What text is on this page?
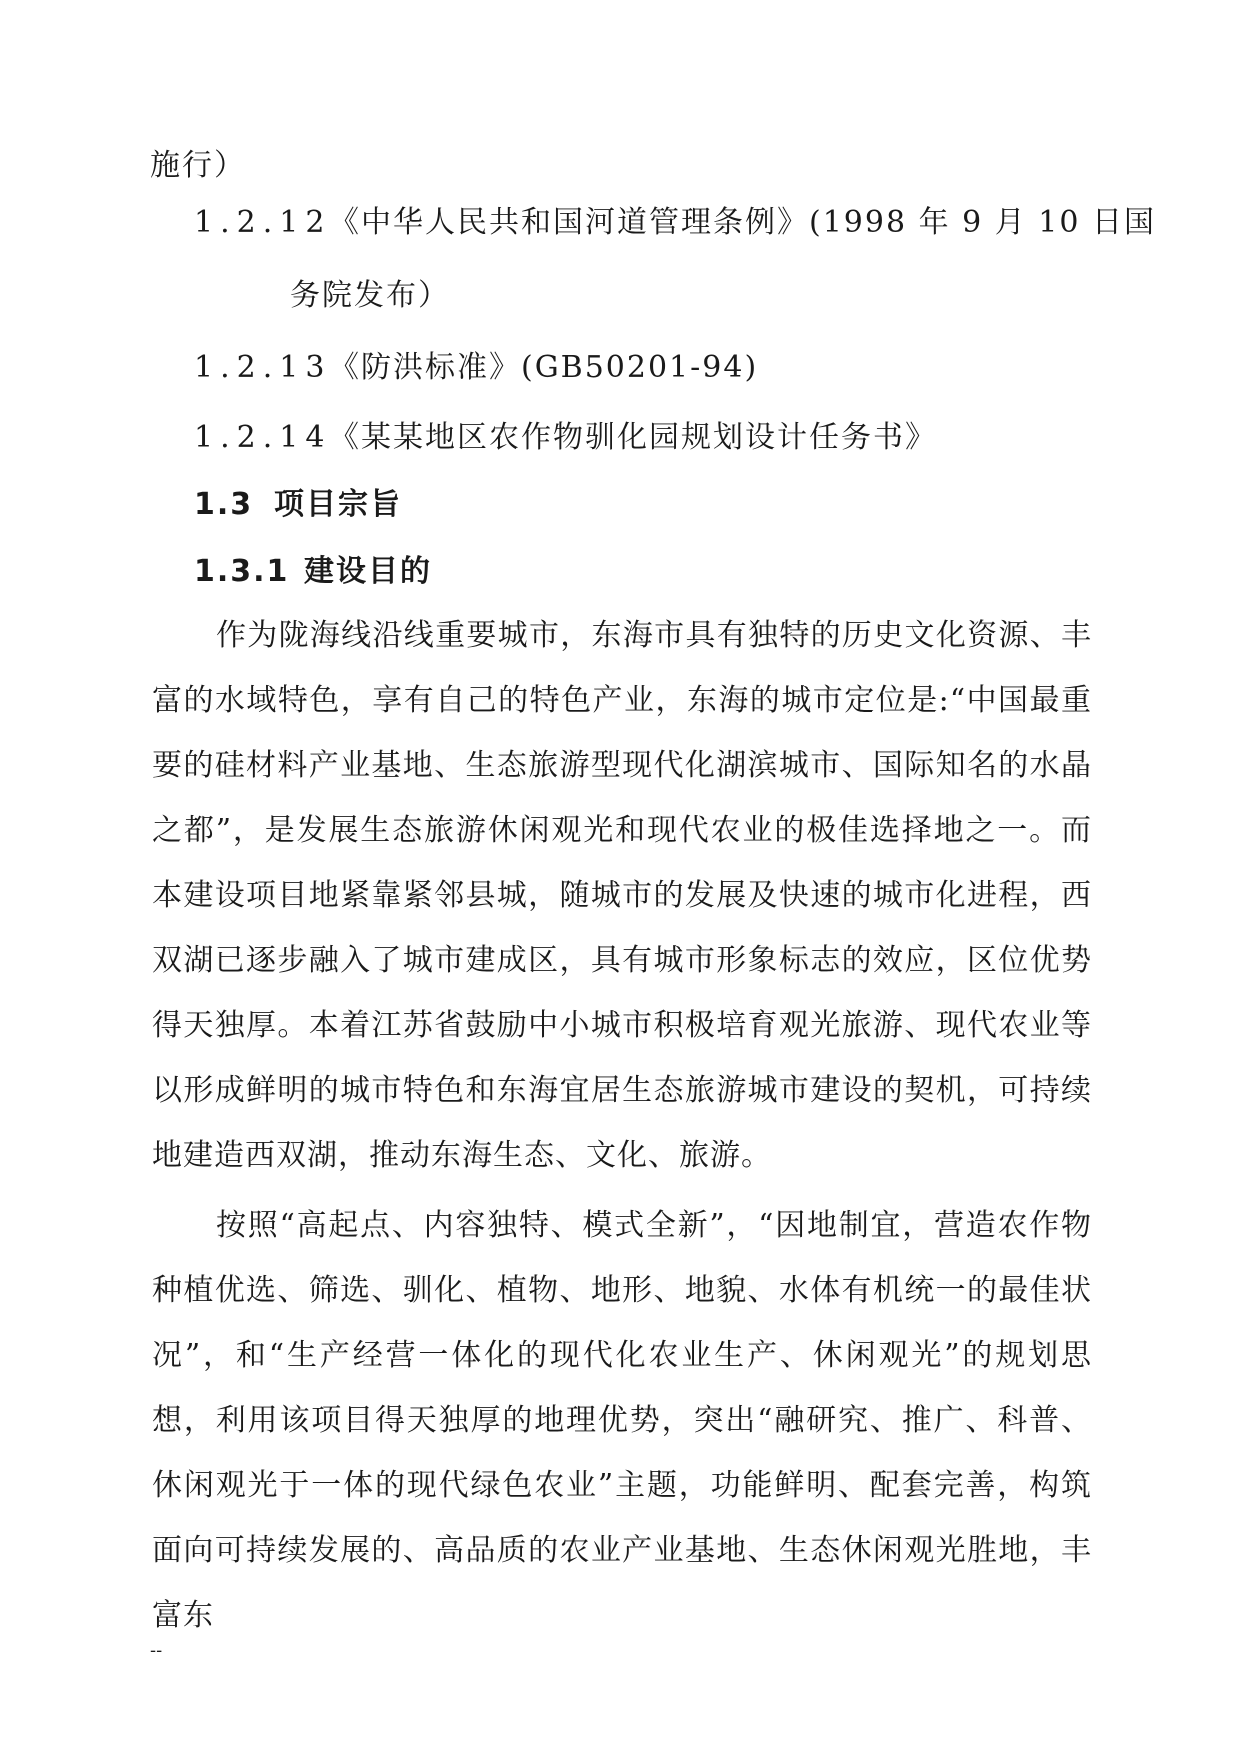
施行）
1.2.12《中华人民共和国河道管理条例》(1998 年 9 月 10 日国
务院发布）
1.2.13《防洪标准》(GB50201-94)
1.2.14《某某地区农作物驯化园规划设计任务书》
1.3 项目宗旨
1.3.1 建设目的

作为陇海线沿线重要城市，东海市具有独特的历史文化资源、丰富的水域特色，享有自己的特色产业，东海的城市定位是:“中国最重要的硅材料产业基地、生态旅游型现代化湖滨城市、国际知名的水晶之都”，是发展生态旅游休闲观光和现代农业的极佳选择地之一。而本建设项目地紧靠紧邻县城，随城市的发展及快速的城市化进程，西双湖已逐步融入了城市建成区，具有城市形象标志的效应，区位优势得天独厚。本着江苏省鼓励中小城市积极培育观光旅游、现代农业等以形成鲜明的城市特色和东海宜居生态旅游城市建设的契机，可持续地建造西双湖，推动东海生态、文化、旅游。

按照“高起点、内容独特、模式全新”，“因地制宜，营造农作物种植优选、筛选、驯化、植物、地形、地貌、水体有机统一的最佳状况”，和“生产经营一体化的现代化农业生产、休闲观光”的规划思想，利用该项目得天独厚的地理优势，突出“融研究、推广、科普、休闲观光于一体的现代绿色农业”主题，功能鲜明、配套完善，构筑面向可持续发展的、高品质的农业产业基地、生态休闲观光胜地，丰富东

--
